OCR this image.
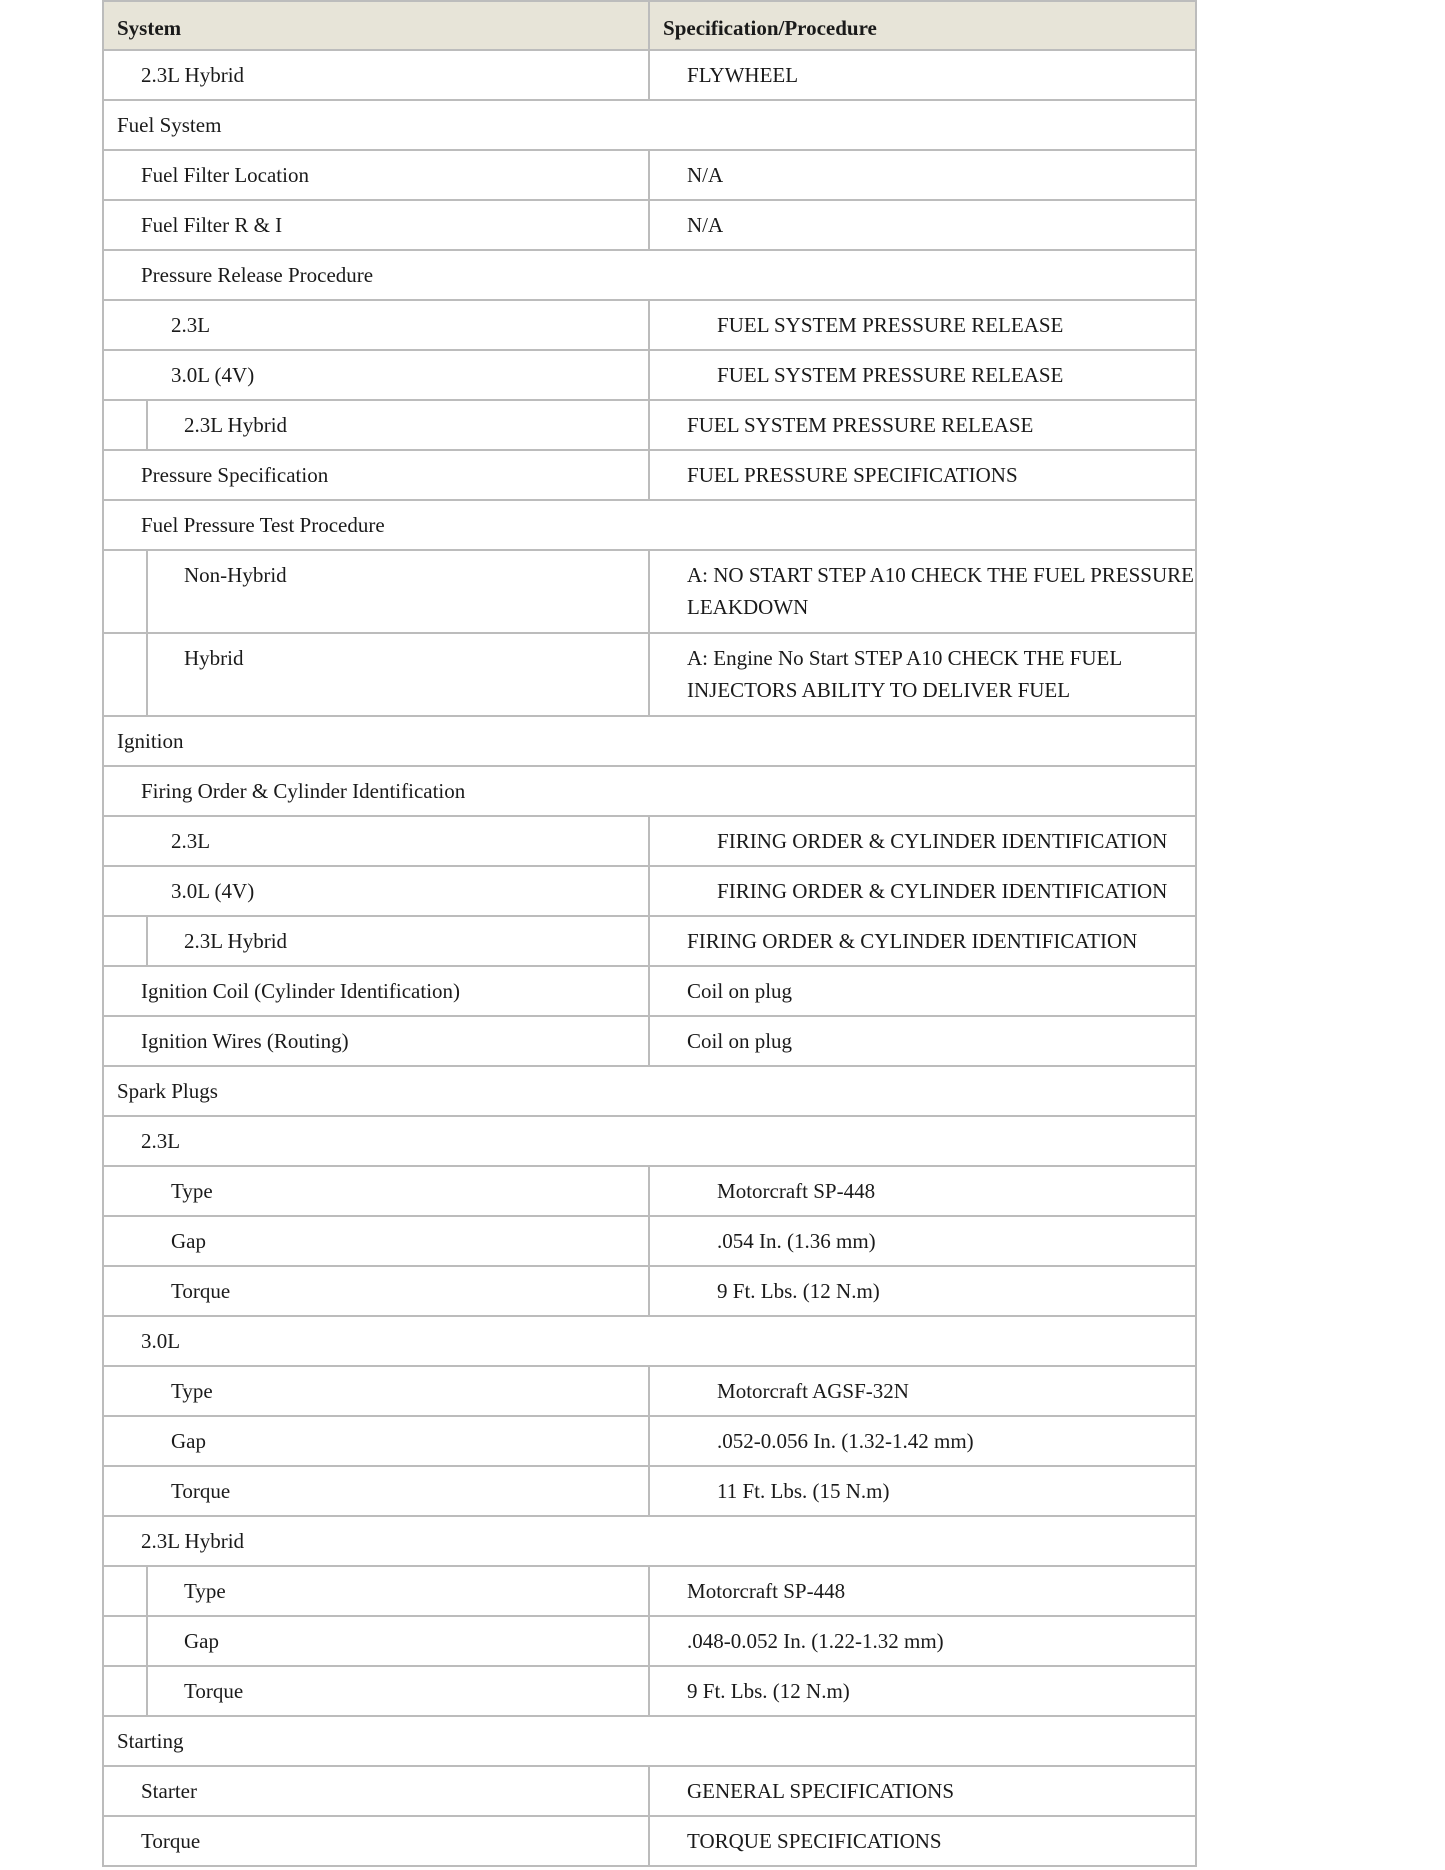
System		Specification/Procedure

2.3L Hybrid		FLYWHEEL

Fuel System		

Fuel Filter Location		N/A

Fuel Filter R & I		N/A

Pressure Release Procedure		

2.3L		FUEL SYSTEM PRESSURE RELEASE

3.0L (4V)		FUEL SYSTEM PRESSURE RELEASE

	2.3L Hybrid	FUEL SYSTEM PRESSURE RELEASE

Pressure Specification		FUEL PRESSURE SPECIFICATIONS

Fuel Pressure Test Procedure		

	Non-Hybrid	A: NO START STEP A10 CHECK THE FUEL PRESSURE LEAKDOWN

	Hybrid	A: Engine No Start STEP A10 CHECK THE FUEL INJECTORS ABILITY TO DELIVER FUEL

Ignition		

Firing Order & Cylinder Identification		

2.3L		FIRING ORDER & CYLINDER IDENTIFICATION

3.0L (4V)		FIRING ORDER & CYLINDER IDENTIFICATION

	2.3L Hybrid	FIRING ORDER & CYLINDER IDENTIFICATION

Ignition Coil (Cylinder Identification)		Coil on plug

Ignition Wires (Routing)		Coil on plug

Spark Plugs		

2.3L		

Type		Motorcraft SP-448

Gap		.054 In. (1.36 mm)

Torque		9 Ft. Lbs. (12 N.m)

3.0L		

Type		Motorcraft AGSF-32N

Gap		.052-0.056 In. (1.32-1.42 mm)

Torque		11 Ft. Lbs. (15 N.m)

2.3L Hybrid		

	Type	Motorcraft SP-448

	Gap	.048-0.052 In. (1.22-1.32 mm)

	Torque	9 Ft. Lbs. (12 N.m)

Starting		

Starter		GENERAL SPECIFICATIONS

Torque		TORQUE SPECIFICATIONS
